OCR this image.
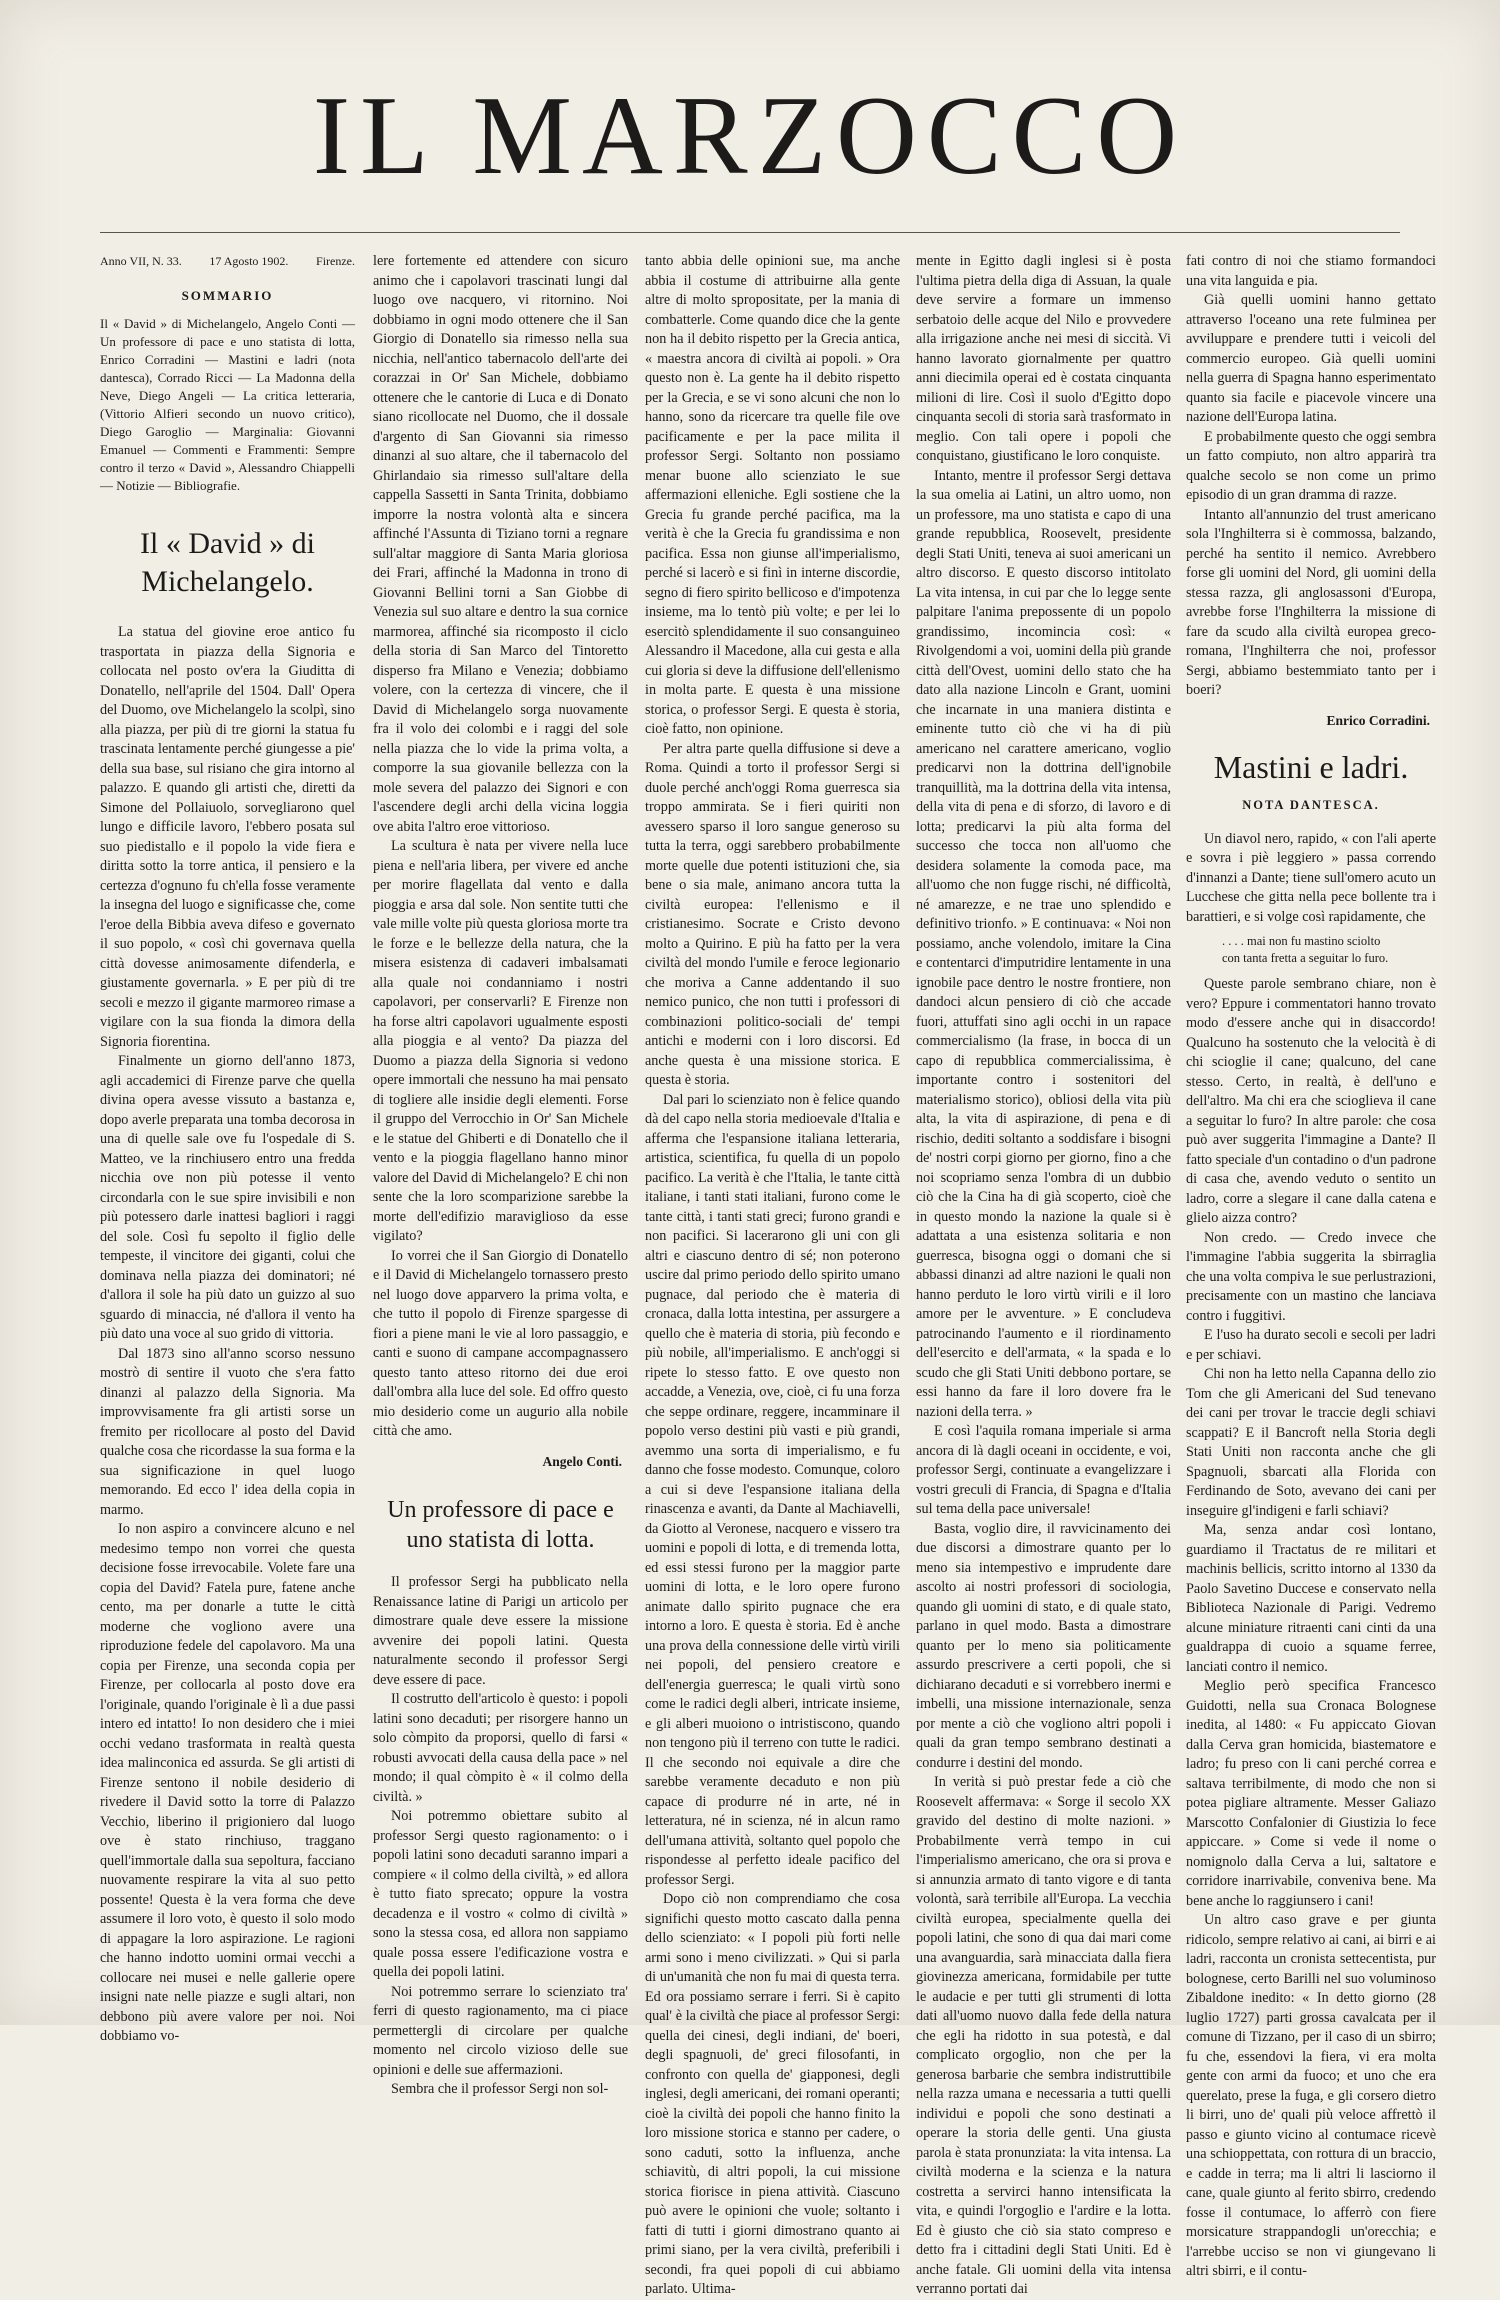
IL MARZOCCO
Anno VII, N. 33. 17 Agosto 1902. Firenze.
SOMMARIO
Il « David » di Michelangelo, Angelo Conti — Un professore di pace e uno statista di lotta, Enrico Corradini — Mastini e ladri (nota dantesca), Corrado Ricci — La Madonna della Neve, Diego Angeli — La critica letteraria, (Vittorio Alfieri secondo un nuovo critico), Diego Garoglio — Marginalia: Giovanni Emanuel — Commenti e Frammenti: Sempre contro il terzo « David », Alessandro Chiappelli — Notizie — Bibliografie.
Il « David » di Michelangelo.

La statua del giovine eroe antico fu trasportata in piazza della Signoria e collocata nel posto ov'era la Giuditta di Donatello, nell'aprile del 1504. Dall' Opera del Duomo, ove Michelangelo la scolpì, sino alla piazza, per più di tre giorni la statua fu trascinata lentamente perché giungesse a pie' della sua base, sul risiano che gira intorno al palazzo. E quando gli artisti che, diretti da Simone del Pollaiuolo, sorvegliarono quel lungo e difficile lavoro, l'ebbero posata sul suo piedistallo e il popolo la vide fiera e diritta sotto la torre antica, il pensiero e la certezza d'ognuno fu ch'ella fosse veramente la insegna del luogo e significasse che, come l'eroe della Bibbia aveva difeso e governato il suo popolo, « così chi governava quella città dovesse animosamente difenderla, e giustamente governarla. » E per più di tre secoli e mezzo il gigante marmoreo rimase a vigilare con la sua fionda la dimora della Signoria fiorentina.

Finalmente un giorno dell'anno 1873, agli accademici di Firenze parve che quella divina opera avesse vissuto a bastanza e, dopo averle preparata una tomba decorosa in una di quelle sale ove fu l'ospedale di S. Matteo, ve la rinchiusero entro una fredda nicchia ove non più potesse il vento circondarla con le sue spire invisibili e non più potessero darle inattesi bagliori i raggi del sole. Così fu sepolto il figlio delle tempeste, il vincitore dei giganti, colui che dominava nella piazza dei dominatori; né d'allora il sole ha più dato un guizzo al suo sguardo di minaccia, né d'allora il vento ha più dato una voce al suo grido di vittoria.

Dal 1873 sino all'anno scorso nessuno mostrò di sentire il vuoto che s'era fatto dinanzi al palazzo della Signoria. Ma improvvisamente fra gli artisti sorse un fremito per ricollocare al posto del David qualche cosa che ricordasse la sua forma e la sua significazione in quel luogo memorando. Ed ecco l' idea della copia in marmo.

Io non aspiro a convincere alcuno e nel medesimo tempo non vorrei che questa decisione fosse irrevocabile. Volete fare una copia del David? Fatela pure, fatene anche cento, ma per donarle a tutte le città moderne che vogliono avere una riproduzione fedele del capolavoro. Ma una copia per Firenze, una seconda copia per Firenze, per collocarla al posto dove era l'originale, quando l'originale è lì a due passi intero ed intatto! Io non desidero che i miei occhi vedano trasformata in realtà questa idea malinconica ed assurda. Se gli artisti di Firenze sentono il nobile desiderio di rivedere il David sotto la torre di Palazzo Vecchio, liberino il prigioniero dal luogo ove è stato rinchiuso, traggano quell'immortale dalla sua sepoltura, facciano nuovamente respirare la vita al suo petto possente! Questa è la vera forma che deve assumere il loro voto, è questo il solo modo di appagare la loro aspirazione. Le ragioni che hanno indotto uomini ormai vecchi a collocare nei musei e nelle gallerie opere insigni nate nelle piazze e sugli altari, non debbono più avere valore per noi. Noi dobbiamo vo-

lere fortemente ed attendere con sicuro animo che i capolavori trascinati lungi dal luogo ove nacquero, vi ritornino. Noi dobbiamo in ogni modo ottenere che il San Giorgio di Donatello sia rimesso nella sua nicchia, nell'antico tabernacolo dell'arte dei corazzai in Or' San Michele, dobbiamo ottenere che le cantorie di Luca e di Donato siano ricollocate nel Duomo, che il dossale d'argento di San Giovanni sia rimesso dinanzi al suo altare, che il tabernacolo del Ghirlandaio sia rimesso sull'altare della cappella Sassetti in Santa Trinita, dobbiamo imporre la nostra volontà alta e sincera affinché l'Assunta di Tiziano torni a regnare sull'altar maggiore di Santa Maria gloriosa dei Frari, affinché la Madonna in trono di Giovanni Bellini torni a San Giobbe di Venezia sul suo altare e dentro la sua cornice marmorea, affinché sia ricomposto il ciclo della storia di San Marco del Tintoretto disperso fra Milano e Venezia; dobbiamo volere, con la certezza di vincere, che il David di Michelangelo sorga nuovamente fra il volo dei colombi e i raggi del sole nella piazza che lo vide la prima volta, a comporre la sua giovanile bellezza con la mole severa del palazzo dei Signori e con l'ascendere degli archi della vicina loggia ove abita l'altro eroe vittorioso.

La scultura è nata per vivere nella luce piena e nell'aria libera, per vivere ed anche per morire flagellata dal vento e dalla pioggia e arsa dal sole. Non sentite tutti che vale mille volte più questa gloriosa morte tra le forze e le bellezze della natura, che la misera esistenza di cadaveri imbalsamati alla quale noi condanniamo i nostri capolavori, per conservarli? E Firenze non ha forse altri capolavori ugualmente esposti alla pioggia e al vento? Da piazza del Duomo a piazza della Signoria si vedono opere immortali che nessuno ha mai pensato di togliere alle insidie degli elementi. Forse il gruppo del Verrocchio in Or' San Michele e le statue del Ghiberti e di Donatello che il vento e la pioggia flagellano hanno minor valore del David di Michelangelo? E chi non sente che la loro scomparizione sarebbe la morte dell'edifizio maraviglioso da esse vigilato?

Io vorrei che il San Giorgio di Donatello e il David di Michelangelo tornassero presto nel luogo dove apparvero la prima volta, e che tutto il popolo di Firenze spargesse di fiori a piene mani le vie al loro passaggio, e canti e suono di campane accompagnassero questo tanto atteso ritorno dei due eroi dall'ombra alla luce del sole. Ed offro questo mio desiderio come un augurio alla nobile città che amo.

Angelo Conti.
Un professore di pace e uno statista di lotta.

Il professor Sergi ha pubblicato nella Renaissance latine di Parigi un articolo per dimostrare quale deve essere la missione avvenire dei popoli latini. Questa naturalmente secondo il professor Sergi deve essere di pace.

Il costrutto dell'articolo è questo: i popoli latini sono decaduti; per risorgere hanno un solo còmpito da proporsi, quello di farsi « robusti avvocati della causa della pace » nel mondo; il qual còmpito è « il colmo della civiltà. »

Noi potremmo obiettare subito al professor Sergi questo ragionamento: o i popoli latini sono decaduti saranno impari a compiere « il colmo della civiltà, » ed allora è tutto fiato sprecato; oppure la vostra decadenza e il vostro « colmo di civiltà » sono la stessa cosa, ed allora non sappiamo quale possa essere l'edificazione vostra e quella dei popoli latini.

Noi potremmo serrare lo scienziato tra' ferri di questo ragionamento, ma ci piace permettergli di circolare per qualche momento nel circolo vizioso delle sue opinioni e delle sue affermazioni.

Sembra che il professor Sergi non sol-

tanto abbia delle opinioni sue, ma anche abbia il costume di attribuirne alla gente altre di molto spropositate, per la mania di combatterle. Come quando dice che la gente non ha il debito rispetto per la Grecia antica, « maestra ancora di civiltà ai popoli. » Ora questo non è. La gente ha il debito rispetto per la Grecia, e se vi sono alcuni che non lo hanno, sono da ricercare tra quelle file ove pacificamente e per la pace milita il professor Sergi. Soltanto non possiamo menar buone allo scienziato le sue affermazioni elleniche. Egli sostiene che la Grecia fu grande perché pacifica, ma la verità è che la Grecia fu grandissima e non pacifica. Essa non giunse all'imperialismo, perché si lacerò e si finì in interne discordie, segno di fiero spirito bellicoso e d'impotenza insieme, ma lo tentò più volte; e per lei lo esercitò splendidamente il suo consanguineo Alessandro il Macedone, alla cui gesta e alla cui gloria si deve la diffusione dell'ellenismo in molta parte. E questa è una missione storica, o professor Sergi. E questa è storia, cioè fatto, non opinione.

Per altra parte quella diffusione si deve a Roma. Quindi a torto il professor Sergi si duole perché anch'oggi Roma guerresca sia troppo ammirata. Se i fieri quiriti non avessero sparso il loro sangue generoso su tutta la terra, oggi sarebbero probabilmente morte quelle due potenti istituzioni che, sia bene o sia male, animano ancora tutta la civiltà europea: l'ellenismo e il cristianesimo. Socrate e Cristo devono molto a Quirino. E più ha fatto per la vera civiltà del mondo l'umile e feroce legionario che moriva a Canne addentando il suo nemico punico, che non tutti i professori di combinazioni politico-sociali de' tempi antichi e moderni con i loro discorsi. Ed anche questa è una missione storica. E questa è storia.

Dal pari lo scienziato non è felice quando dà del capo nella storia medioevale d'Italia e afferma che l'espansione italiana letteraria, artistica, scientifica, fu quella di un popolo pacifico. La verità è che l'Italia, le tante città italiane, i tanti stati italiani, furono come le tante città, i tanti stati greci; furono grandi e non pacifici. Si lacerarono gli uni con gli altri e ciascuno dentro di sé; non poterono uscire dal primo periodo dello spirito umano pugnace, dal periodo che è materia di cronaca, dalla lotta intestina, per assurgere a quello che è materia di storia, più fecondo e più nobile, all'imperialismo. E anch'oggi si ripete lo stesso fatto. E ove questo non accadde, a Venezia, ove, cioè, ci fu una forza che seppe ordinare, reggere, incamminare il popolo verso destini più vasti e più grandi, avemmo una sorta di imperialismo, e fu danno che fosse modesto. Comunque, coloro a cui si deve l'espansione italiana della rinascenza e avanti, da Dante al Machiavelli, da Giotto al Veronese, nacquero e vissero tra uomini e popoli di lotta, e di tremenda lotta, ed essi stessi furono per la maggior parte uomini di lotta, e le loro opere furono animate dallo spirito pugnace che era intorno a loro. E questa è storia. Ed è anche una prova della connessione delle virtù virili nei popoli, del pensiero creatore e dell'energia guerresca; le quali virtù sono come le radici degli alberi, intricate insieme, e gli alberi muoiono o intristiscono, quando non tengono più il terreno con tutte le radici. Il che secondo noi equivale a dire che sarebbe veramente decaduto e non più capace di produrre né in arte, né in letteratura, né in scienza, né in alcun ramo dell'umana attività, soltanto quel popolo che rispondesse al perfetto ideale pacifico del professor Sergi.

Dopo ciò non comprendiamo che cosa significhi questo motto cascato dalla penna dello scienziato: « I popoli più forti nelle armi sono i meno civilizzati. » Qui si parla di un'umanità che non fu mai di questa terra. Ed ora possiamo serrare i ferri. Si è capito qual' è la civiltà che piace al professor Sergi: quella dei cinesi, degli indiani, de' boeri, degli spagnuoli, de' greci filosofanti, in confronto con quella de' giapponesi, degli inglesi, degli americani, dei romani operanti; cioè la civiltà dei popoli che hanno finito la loro missione storica e stanno per cadere, o sono caduti, sotto la influenza, anche schiavitù, di altri popoli, la cui missione storica fiorisce in piena attività. Ciascuno può avere le opinioni che vuole; soltanto i fatti di tutti i giorni dimostrano quanto ai primi siano, per la vera civiltà, preferibili i secondi, fra quei popoli di cui abbiamo parlato. Ultima-

mente in Egitto dagli inglesi si è posta l'ultima pietra della diga di Assuan, la quale deve servire a formare un immenso serbatoio delle acque del Nilo e provvedere alla irrigazione anche nei mesi di siccità. Vi hanno lavorato giornalmente per quattro anni diecimila operai ed è costata cinquanta milioni di lire. Così il suolo d'Egitto dopo cinquanta secoli di storia sarà trasformato in meglio. Con tali opere i popoli che conquistano, giustificano le loro conquiste.

Intanto, mentre il professor Sergi dettava la sua omelia ai Latini, un altro uomo, non un professore, ma uno statista e capo di una grande repubblica, Roosevelt, presidente degli Stati Uniti, teneva ai suoi americani un altro discorso. E questo discorso intitolato La vita intensa, in cui par che lo legge sente palpitare l'anima prepossente di un popolo grandissimo, incomincia così: « Rivolgendomi a voi, uomini della più grande città dell'Ovest, uomini dello stato che ha dato alla nazione Lincoln e Grant, uomini che incarnate in una maniera distinta e eminente tutto ciò che vi ha di più americano nel carattere americano, voglio predicarvi non la dottrina dell'ignobile tranquillità, ma la dottrina della vita intensa, della vita di pena e di sforzo, di lavoro e di lotta; predicarvi la più alta forma del successo che tocca non all'uomo che desidera solamente la comoda pace, ma all'uomo che non fugge rischi, né difficoltà, né amarezze, e ne trae uno splendido e definitivo trionfo. » E continuava: « Noi non possiamo, anche volendolo, imitare la Cina e contentarci d'imputridire lentamente in una ignobile pace dentro le nostre frontiere, non dandoci alcun pensiero di ciò che accade fuori, attuffati sino agli occhi in un rapace commercialismo (la frase, in bocca di un capo di repubblica commercialissima, è importante contro i sostenitori del materialismo storico), obliosi della vita più alta, la vita di aspirazione, di pena e di rischio, dediti soltanto a soddisfare i bisogni de' nostri corpi giorno per giorno, fino a che noi scopriamo senza l'ombra di un dubbio ciò che la Cina ha di già scoperto, cioè che in questo mondo la nazione la quale si è adattata a una esistenza solitaria e non guerresca, bisogna oggi o domani che si abbassi dinanzi ad altre nazioni le quali non hanno perduto le loro virtù virili e il loro amore per le avventure. » E concludeva patrocinando l'aumento e il riordinamento dell'esercito e dell'armata, « la spada e lo scudo che gli Stati Uniti debbono portare, se essi hanno da fare il loro dovere fra le nazioni della terra. »

E così l'aquila romana imperiale si arma ancora di là dagli oceani in occidente, e voi, professor Sergi, continuate a evangelizzare i vostri greculi di Francia, di Spagna e d'Italia sul tema della pace universale!

Basta, voglio dire, il ravvicinamento dei due discorsi a dimostrare quanto per lo meno sia intempestivo e imprudente dare ascolto ai nostri professori di sociologia, quando gli uomini di stato, e di quale stato, parlano in quel modo. Basta a dimostrare quanto per lo meno sia politicamente assurdo prescrivere a certi popoli, che si dichiarano decaduti e si vorrebbero inermi e imbelli, una missione internazionale, senza por mente a ciò che vogliono altri popoli i quali da gran tempo sembrano destinati a condurre i destini del mondo.

In verità si può prestar fede a ciò che Roosevelt affermava: « Sorge il secolo XX gravido del destino di molte nazioni. » Probabilmente verrà tempo in cui l'imperialismo americano, che ora si prova e si annunzia armato di tanto vigore e di tanta volontà, sarà terribile all'Europa. La vecchia civiltà europea, specialmente quella dei popoli latini, che sono di qua dai mari come una avanguardia, sarà minacciata dalla fiera giovinezza americana, formidabile per tutte le audacie e per tutti gli strumenti di lotta dati all'uomo nuovo dalla fede della natura che egli ha ridotto in sua potestà, e dal complicato orgoglio, non che per la generosa barbarie che sembra indistruttibile nella razza umana e necessaria a tutti quelli individui e popoli che sono destinati a operare la storia delle genti. Una giusta parola è stata pronunziata: la vita intensa. La civiltà moderna e la scienza e la natura costretta a servirci hanno intensificata la vita, e quindi l'orgoglio e l'ardire e la lotta. Ed è giusto che ciò sia stato compreso e detto fra i cittadini degli Stati Uniti. Ed è anche fatale. Gli uomini della vita intensa verranno portati dai

fati contro di noi che stiamo formandoci una vita languida e pia.

Già quelli uomini hanno gettato attraverso l'oceano una rete fulminea per avviluppare e prendere tutti i veicoli del commercio europeo. Già quelli uomini nella guerra di Spagna hanno esperimentato quanto sia facile e piacevole vincere una nazione dell'Europa latina.

E probabilmente questo che oggi sembra un fatto compiuto, non altro apparirà tra qualche secolo se non come un primo episodio di un gran dramma di razze.

Intanto all'annunzio del trust americano sola l'Inghilterra si è commossa, balzando, perché ha sentito il nemico. Avrebbero forse gli uomini del Nord, gli uomini della stessa razza, gli anglosassoni d'Europa, avrebbe forse l'Inghilterra la missione di fare da scudo alla civiltà europea greco-romana, l'Inghilterra che noi, professor Sergi, abbiamo bestemmiato tanto per i boeri?

Enrico Corradini.
Mastini e ladri.
NOTA DANTESCA.

Un diavol nero, rapido, « con l'ali aperte e sovra i piè leggiero » passa correndo d'innanzi a Dante; tiene sull'omero acuto un Lucchese che gitta nella pece bollente tra i barattieri, e si volge così rapidamente, che

. . . . mai non fu mastino sciolto
con tanta fretta a seguitar lo furo.

Queste parole sembrano chiare, non è vero? Eppure i commentatori hanno trovato modo d'essere anche qui in disaccordo! Qualcuno ha sostenuto che la velocità è di chi scioglie il cane; qualcuno, del cane stesso. Certo, in realtà, è dell'uno e dell'altro. Ma chi era che scioglieva il cane a seguitar lo furo? In altre parole: che cosa può aver suggerita l'immagine a Dante? Il fatto speciale d'un contadino o d'un padrone di casa che, avendo veduto o sentito un ladro, corre a slegare il cane dalla catena e glielo aizza contro?

Non credo. — Credo invece che l'immagine l'abbia suggerita la sbirraglia che una volta compiva le sue perlustrazioni, precisamente con un mastino che lanciava contro i fuggitivi.

E l'uso ha durato secoli e secoli per ladri e per schiavi.

Chi non ha letto nella Capanna dello zio Tom che gli Americani del Sud tenevano dei cani per trovar le traccie degli schiavi scappati? E il Bancroft nella Storia degli Stati Uniti non racconta anche che gli Spagnuoli, sbarcati alla Florida con Ferdinando de Soto, avevano dei cani per inseguire gl'indigeni e farli schiavi?

Ma, senza andar così lontano, guardiamo il Tractatus de re militari et machinis bellicis, scritto intorno al 1330 da Paolo Savetino Duccese e conservato nella Biblioteca Nazionale di Parigi. Vedremo alcune miniature ritraenti cani cinti da una gualdrappa di cuoio a squame ferree, lanciati contro il nemico.

Meglio però specifica Francesco Guidotti, nella sua Cronaca Bolognese inedita, al 1480: « Fu appiccato Giovan dalla Cerva gran homicida, biastematore e ladro; fu preso con li cani perché correa e saltava terribilmente, di modo che non si potea pigliare altramente. Messer Galiazo Marscotto Confalonier di Giustizia lo fece appiccare. » Come si vede il nome o nomignolo dalla Cerva a lui, saltatore e corridore inarrivabile, conveniva bene. Ma bene anche lo raggiunsero i cani!

Un altro caso grave e per giunta ridicolo, sempre relativo ai cani, ai birri e ai ladri, racconta un cronista settecentista, pur bolognese, certo Barilli nel suo voluminoso Zibaldone inedito: « In detto giorno (28 luglio 1727) parti grossa cavalcata per il comune di Tizzano, per il caso di un sbirro; fu che, essendovi la fiera, vi era molta gente con armi da fuoco; et uno che era querelato, prese la fuga, e gli corsero dietro li birri, uno de' quali più veloce affrettò il passo e giunto vicino al contumace ricevè una schioppettata, con rottura di un braccio, e cadde in terra; ma li altri li lasciorno il cane, quale giunto al ferito sbirro, credendo fosse il contumace, lo afferrò con fiere morsicature strappandogli un'orecchia; e l'arrebbe ucciso se non vi giungevano li altri sbirri, e il contu-
